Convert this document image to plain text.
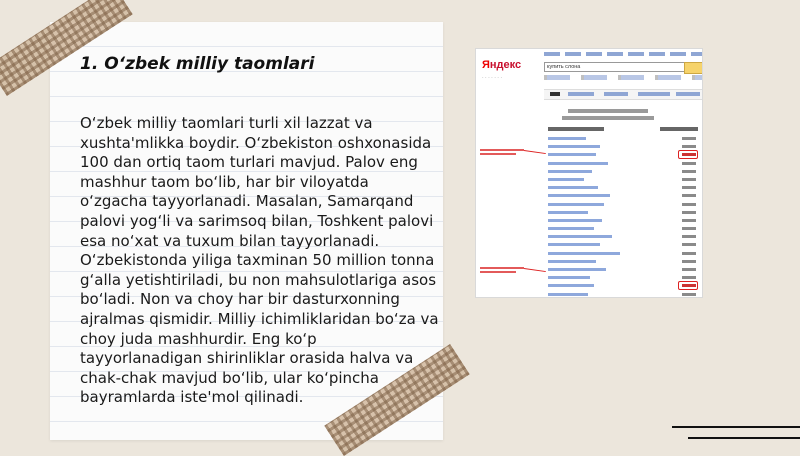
1. O‘zbek milliy taomlari

O‘zbek milliy taomlari turli xil lazzat va xushta'mlikka boydir. O‘zbekiston oshxonasida 100 dan ortiq taom turlari mavjud. Palov eng mashhur taom bo‘lib, har bir viloyatda o‘zgacha tayyorlanadi. Masalan, Samarqand palovi yog‘li va sarimsoq bilan, Toshkent palovi esa no‘xat va tuxum bilan tayyorlanadi. O‘zbekistonda yiliga taxminan 50 million tonna g‘alla yetishtiriladi, bu non mahsulotlariga asos bo‘ladi. Non va choy har bir dasturxonning ajralmas qismidir. Milliy ichimliklaridan bo‘za va choy juda mashhurdir. Eng ko‘p tayyorlanadigan shirinliklar orasida halva va chak-chak mavjud bo‘lib, ular ko‘pincha bayramlarda iste'mol qilinadi.

Яндекс
· · · · · · ·
купить слона
